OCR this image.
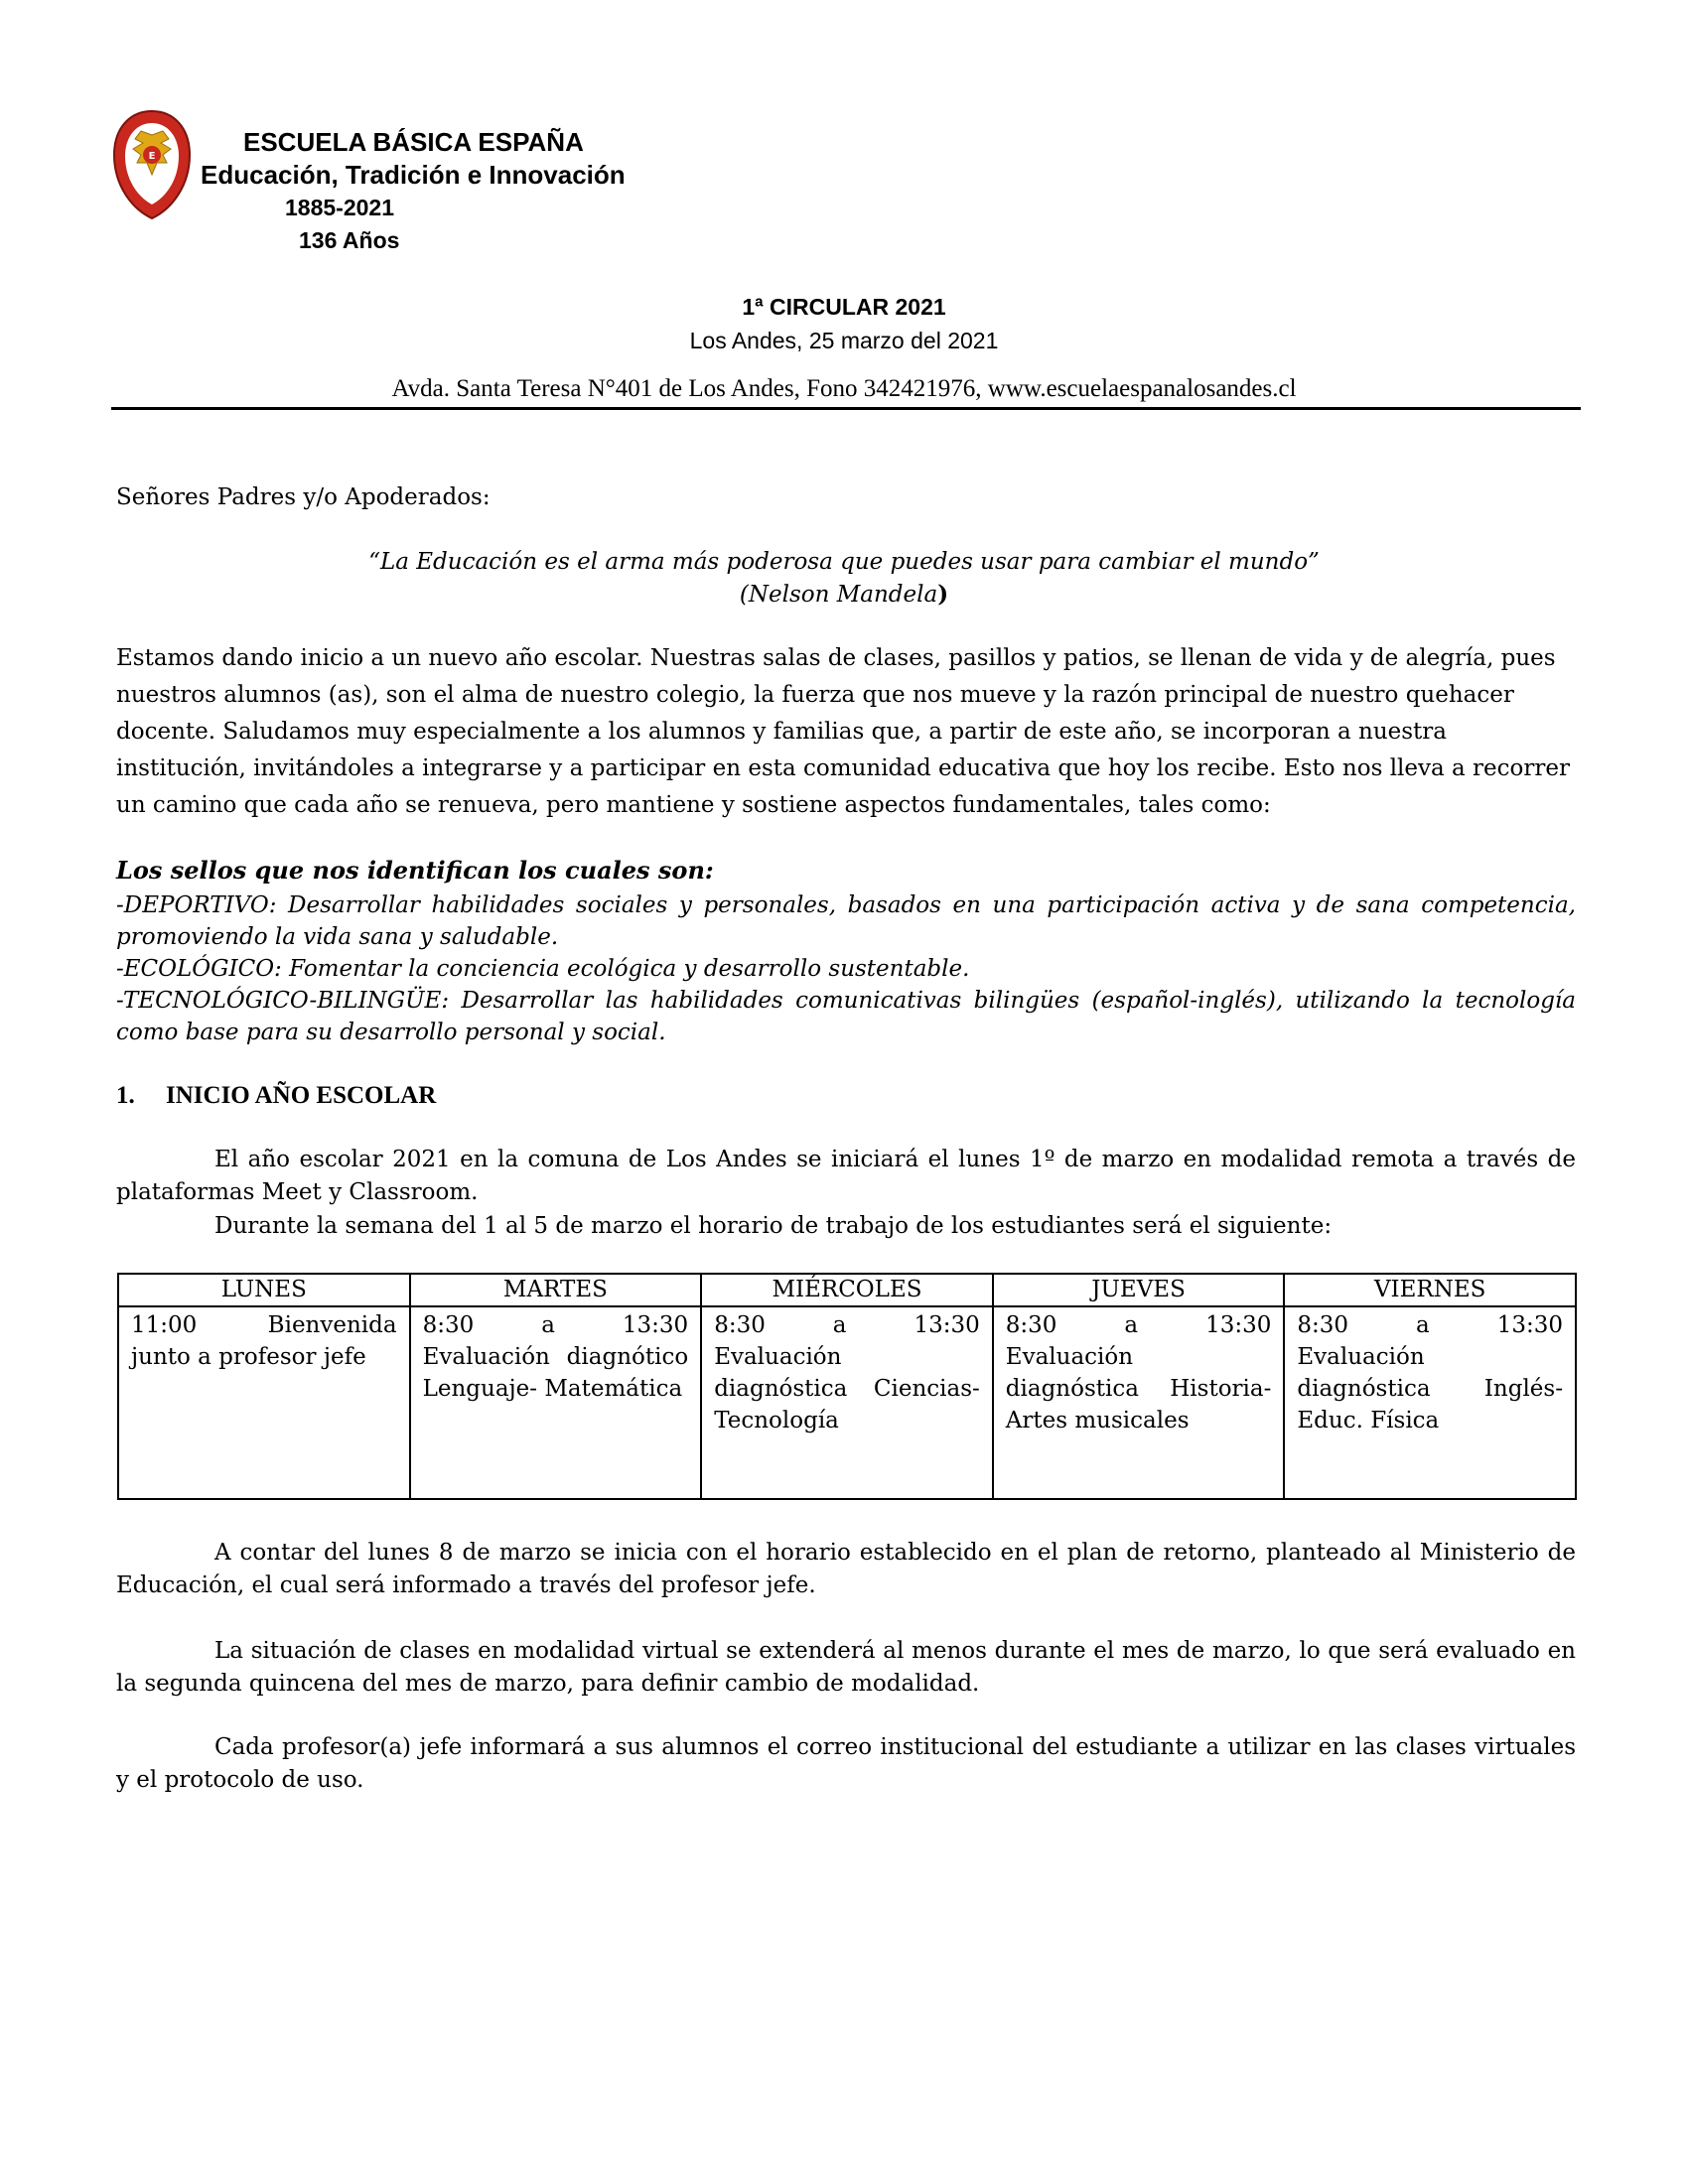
E	ESCUELA BÁSICA ESPAÑA
Educación, Tradición e Innovación
1885-2021
136 Años
1ª CIRCULAR 2021
Los Andes, 25 marzo del 2021
Avda. Santa Teresa N°401 de Los Andes, Fono 342421976, www.escuelaespanalosandes.cl
Señores Padres y/o Apoderados:
“La Educación es el arma más poderosa que puedes usar para cambiar el mundo”
(Nelson Mandela)
Estamos dando inicio a un nuevo año escolar. Nuestras salas de clases, pasillos y patios, se llenan de vida y de alegría, pues
nuestros alumnos (as), son el alma de nuestro colegio, la fuerza que nos mueve y la razón principal de nuestro quehacer
docente. Saludamos muy especialmente a los alumnos y familias que, a partir de este año, se incorporan a nuestra
institución, invitándoles a integrarse y a participar en esta comunidad educativa que hoy los recibe. Esto nos lleva a recorrer
un camino que cada año se renueva, pero mantiene y sostiene aspectos fundamentales, tales como:
Los sellos que nos identifican los cuales son:
-DEPORTIVO: Desarrollar habilidades sociales y personales, basados en una participación activa y de sana competencia, promoviendo la vida sana y saludable.
-ECOLÓGICO: Fomentar la conciencia ecológica y desarrollo sustentable.
-TECNOLÓGICO-BILINGÜE: Desarrollar las habilidades comunicativas bilingües (español-inglés), utilizando la tecnología como base para su desarrollo personal y social.
1. INICIO AÑO ESCOLAR
El año escolar 2021 en la comuna de Los Andes se iniciará el lunes 1º de marzo en modalidad remota a través de plataformas Meet y Classroom.
Durante la semana del 1 al 5 de marzo el horario de trabajo de los estudiantes será el siguiente:
LUNES	MARTES	MIÉRCOLES	JUEVES	VIERNES
11:00 Bienvenida junto a profesor jefe	8:30 a 13:30 Evaluación diagnótico Lenguaje- Matemática	8:30 a 13:30 Evaluación diagnóstica Ciencias-Tecnología	8:30 a 13:30 Evaluación diagnóstica Historia-Artes musicales	8:30 a 13:30 Evaluación diagnóstica Inglés-Educ. Física
A contar del lunes 8 de marzo se inicia con el horario establecido en el plan de retorno, planteado al Ministerio de Educación, el cual será informado a través del profesor jefe.
La situación de clases en modalidad virtual se extenderá al menos durante el mes de marzo, lo que será evaluado en la segunda quincena del mes de marzo, para definir cambio de modalidad.
Cada profesor(a) jefe informará a sus alumnos el correo institucional del estudiante a utilizar en las clases virtuales y el protocolo de uso.
